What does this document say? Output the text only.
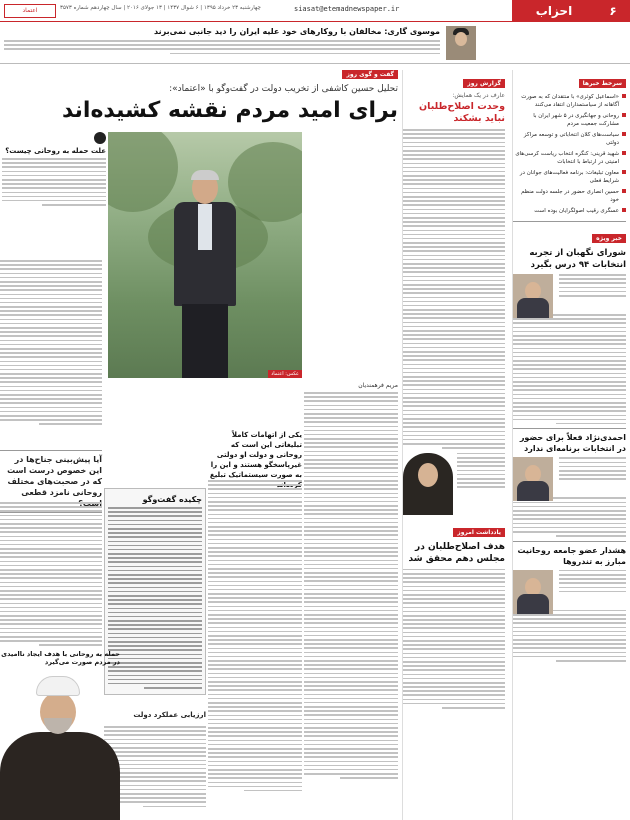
۶
احزاب
siasat@etemadnewspaper.ir
چهارشنبه ۲۳ خرداد ۱۳۹۵ | ۶ شوال ۱۴۳۷ | ۱۳ جولای ۲۰۱۶ | سال چهاردهم شماره ۳۵۷۳
اعتماد
موسوی گاری: مخالفان با روکارهای خود علیه ایران را دید جانبی نمی‌برند
سرخط خبرها
«اسماعیل کوثری» با منتقدان که به صورت آگاهانه از سیاستمداران انتقاد می‌کنند
روحانی و جهانگیری در ۵ شهر ایران با مشارکت جمعیت مردم
سیاست‌های کلان انتخاباتی و توسعه مراکز دولتی
شهید قرینی: کنگره انتخاب ریاست کرسی‌های امنیتی در ارتباط با انتخابات
معاون تبلیغات: برنامه فعالیت‌های جوانان در شرایط فعلی
حسین انصاری حضور در جلسه دولت منظم خود
عسگری رقیب اصولگرایان بوده است
خبر ویژه
شورای نگهبان از تجربه انتخابات ۹۴ درس بگیرد
احمدی‌نژاد فعلاً برای حضور در انتخابات برنامه‌ای ندارد
هشدار عضو جامعه روحانیت مبارز به تندروها
گزارش روز
عارف در یک همایش:
وحدت اصلاح‌طلبان نباید بشکند
یادداشت امروز
هدف اصلاح‌طلبان در مجلس دهم محقق شد
گفت و گوی روز
تحلیل حسین کاشفی از تخریب دولت در گفت‌وگو با «اعتماد»:
برای امید مردم نقشه کشیده‌اند
عکس: اعتماد
علت حمله به روحانی چیست؟
مریم فرهمندیان
یکی از اتهامات کاملاً تبلیغاتی این است که روحانی و دولت او دولتی غیرپاسخگو هستند و این را به صورت سیستماتیک تبلیغ
چکیده گفت‌وگو
ارزیابی عملکرد دولت
آیا پیش‌بینی جناح‌ها در این خصوص درست است که در صحبت‌های مختلف روحانی نامزد قطعی
حمله به روحانی با هدف ایجاد ناامیدی در مردم صورت می‌گیرد
